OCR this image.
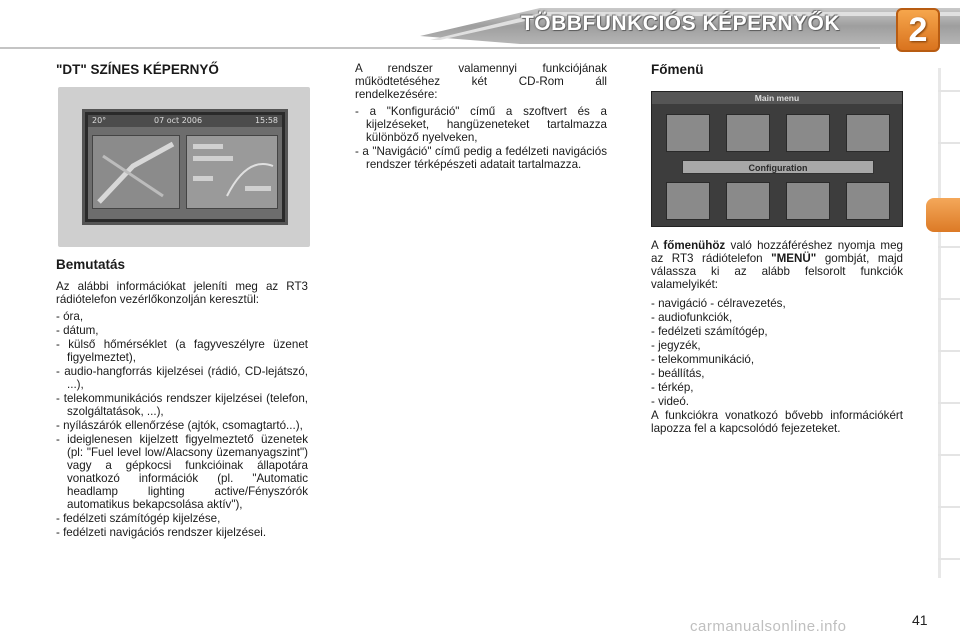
TÖBBFUNKCIÓS KÉPERNYŐK	2
"DT" SZÍNES KÉPERNYŐ
20°	07 oct 2006	15:58
Bemutatás
Az alábbi információkat jeleníti meg az RT3 rádiótelefon vezérlőkonzolján keresztül:
- óra,
- dátum,
- külső hőmérséklet (a fagyveszélyre üzenet figyelmeztet),
- audio-hangforrás kijelzései (rádió, CD-lejátszó, ...),
- telekommunikációs rendszer kijelzései (telefon, szolgáltatások, ...),
- nyílászárók ellenőrzése (ajtók, csomagtartó...),
- ideiglenesen kijelzett figyelmeztető üzenetek (pl: "Fuel level low/Alacsony üzemanyagszint") vagy a gépkocsi funkcióinak állapotára vonatkozó információk (pl. "Automatic headlamp lighting active/Fényszórók automatikus bekapcsolása aktív"),
- fedélzeti számítógép kijelzése,
- fedélzeti navigációs rendszer kijelzései.
A rendszer valamennyi funkciójának működtetéséhez két CD-Rom áll rendelkezésére:
- a "Konfiguráció" című a szoftvert és a kijelzéseket, hangüzeneteket tartalmazza különböző nyelveken,
- a "Navigáció" című pedig a fedélzeti navigációs rendszer térképészeti adatait tartalmazza.
Főmenü
Main menu
Configuration
A főmenühöz való hozzáféréshez nyomja meg az RT3 rádiótelefon "MENÜ" gombját, majd válassza ki az alább felsorolt funkciók valamelyikét:
- navigáció - célravezetés,
- audiofunkciók,
- fedélzeti számítógép,
- jegyzék,
- telekommunikáció,
- beállítás,
- térkép,
- videó.
A funkciókra vonatkozó bővebb információkért lapozza fel a kapcsolódó fejezeteket.
carmanualsonline.info	41
